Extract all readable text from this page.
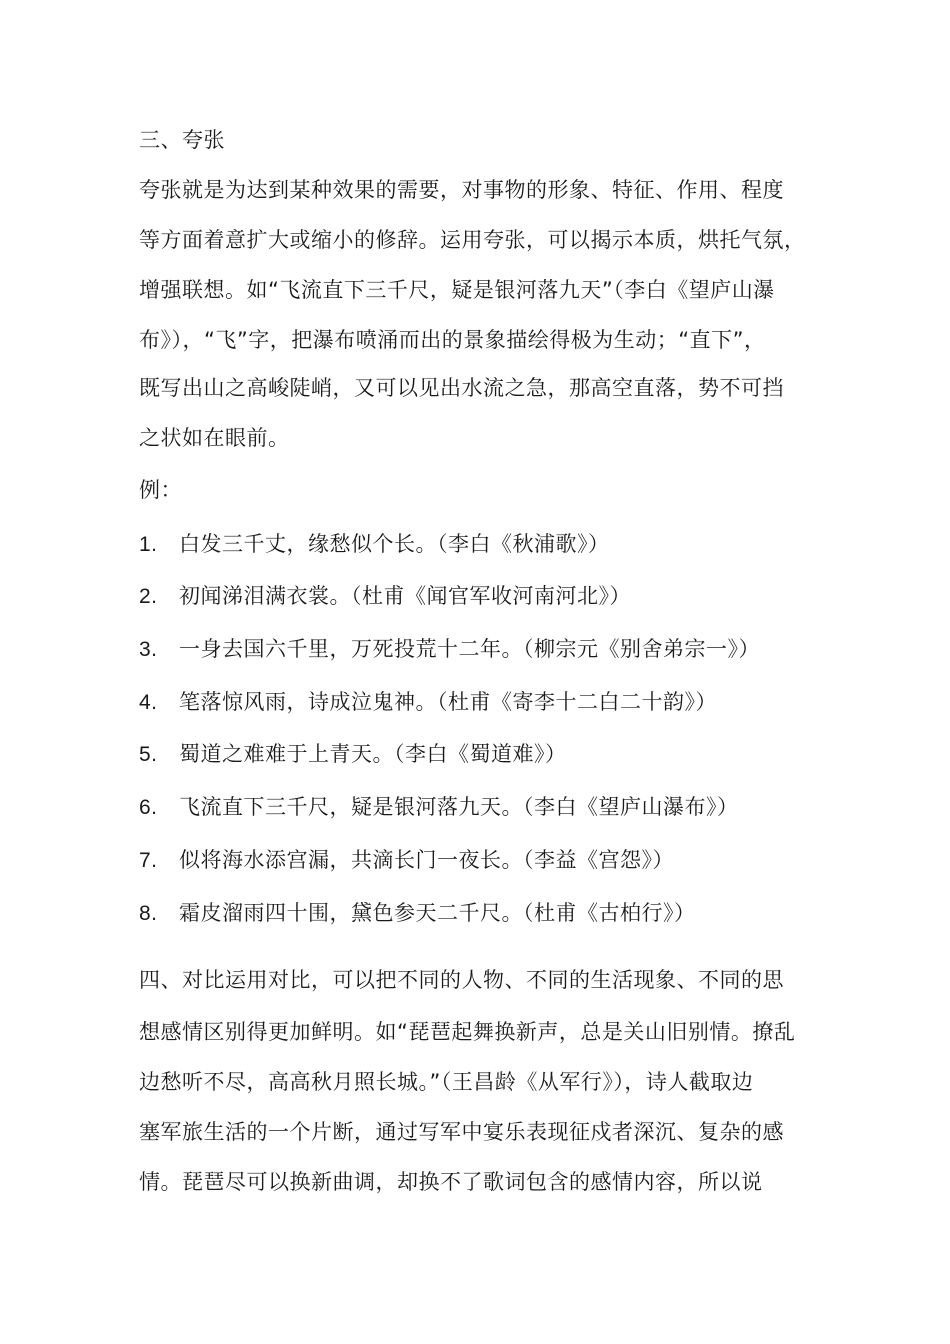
三、夸张
夸张就是为达到某种效果的需要，对事物的形象、特征、作用、程度
等方面着意扩大或缩小的修辞。运用夸张，可以揭示本质，烘托气氛，
增强联想。如“飞流直下三千尺，疑是银河落九天”（李白《望庐山瀑
布》），“飞”字，把瀑布喷涌而出的景象描绘得极为生动；“直下”，
既写出山之高峻陡峭，又可以见出水流之急，那高空直落，势不可挡
之状如在眼前。
例：
1. 白发三千丈，缘愁似个长。（李白《秋浦歌》）
2. 初闻涕泪满衣裳。（杜甫《闻官军收河南河北》）
3. 一身去国六千里，万死投荒十二年。（柳宗元《别舍弟宗一》）
4. 笔落惊风雨，诗成泣鬼神。（杜甫《寄李十二白二十韵》）
5. 蜀道之难难于上青天。（李白《蜀道难》）
6. 飞流直下三千尺，疑是银河落九天。（李白《望庐山瀑布》）
7. 似将海水添宫漏，共滴长门一夜长。（李益《宫怨》）
8. 霜皮溜雨四十围，黛色参天二千尺。（杜甫《古柏行》）
四、对比运用对比，可以把不同的人物、不同的生活现象、不同的思
想感情区别得更加鲜明。如“琵琶起舞换新声，总是关山旧别情。撩乱
边愁听不尽，高高秋月照长城。”（王昌龄《从军行》），诗人截取边
塞军旅生活的一个片断，通过写军中宴乐表现征戍者深沉、复杂的感
情。琵琶尽可以换新曲调，却换不了歌词包含的感情内容，所以说
